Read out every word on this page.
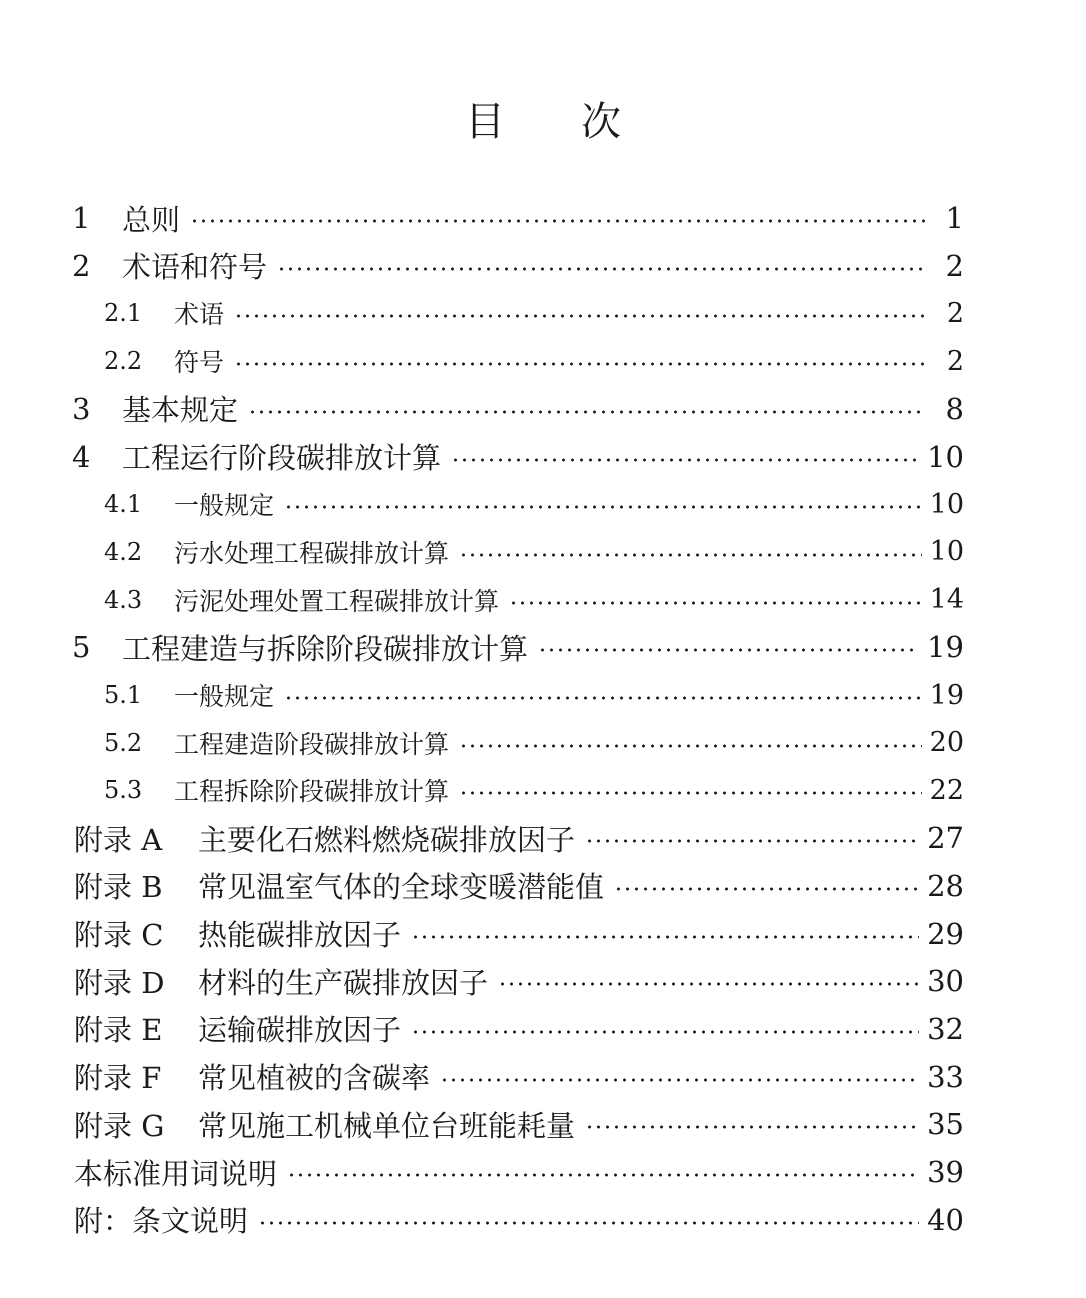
目 次
1	总则	1
2	术语和符号	2
2.1	术语	2
2.2	符号	2
3	基本规定	8
4	工程运行阶段碳排放计算	10
4.1	一般规定	10
4.2	污水处理工程碳排放计算	10
4.3	污泥处理处置工程碳排放计算	14
5	工程建造与拆除阶段碳排放计算	19
5.1	一般规定	19
5.2	工程建造阶段碳排放计算	20
5.3	工程拆除阶段碳排放计算	22
附录 A	主要化石燃料燃烧碳排放因子	27
附录 B	常见温室气体的全球变暖潜能值	28
附录 C	热能碳排放因子	29
附录 D	材料的生产碳排放因子	30
附录 E	运输碳排放因子	32
附录 F	常见植被的含碳率	33
附录 G	常见施工机械单位台班能耗量	35
本标准用词说明	39
附：条文说明	40
